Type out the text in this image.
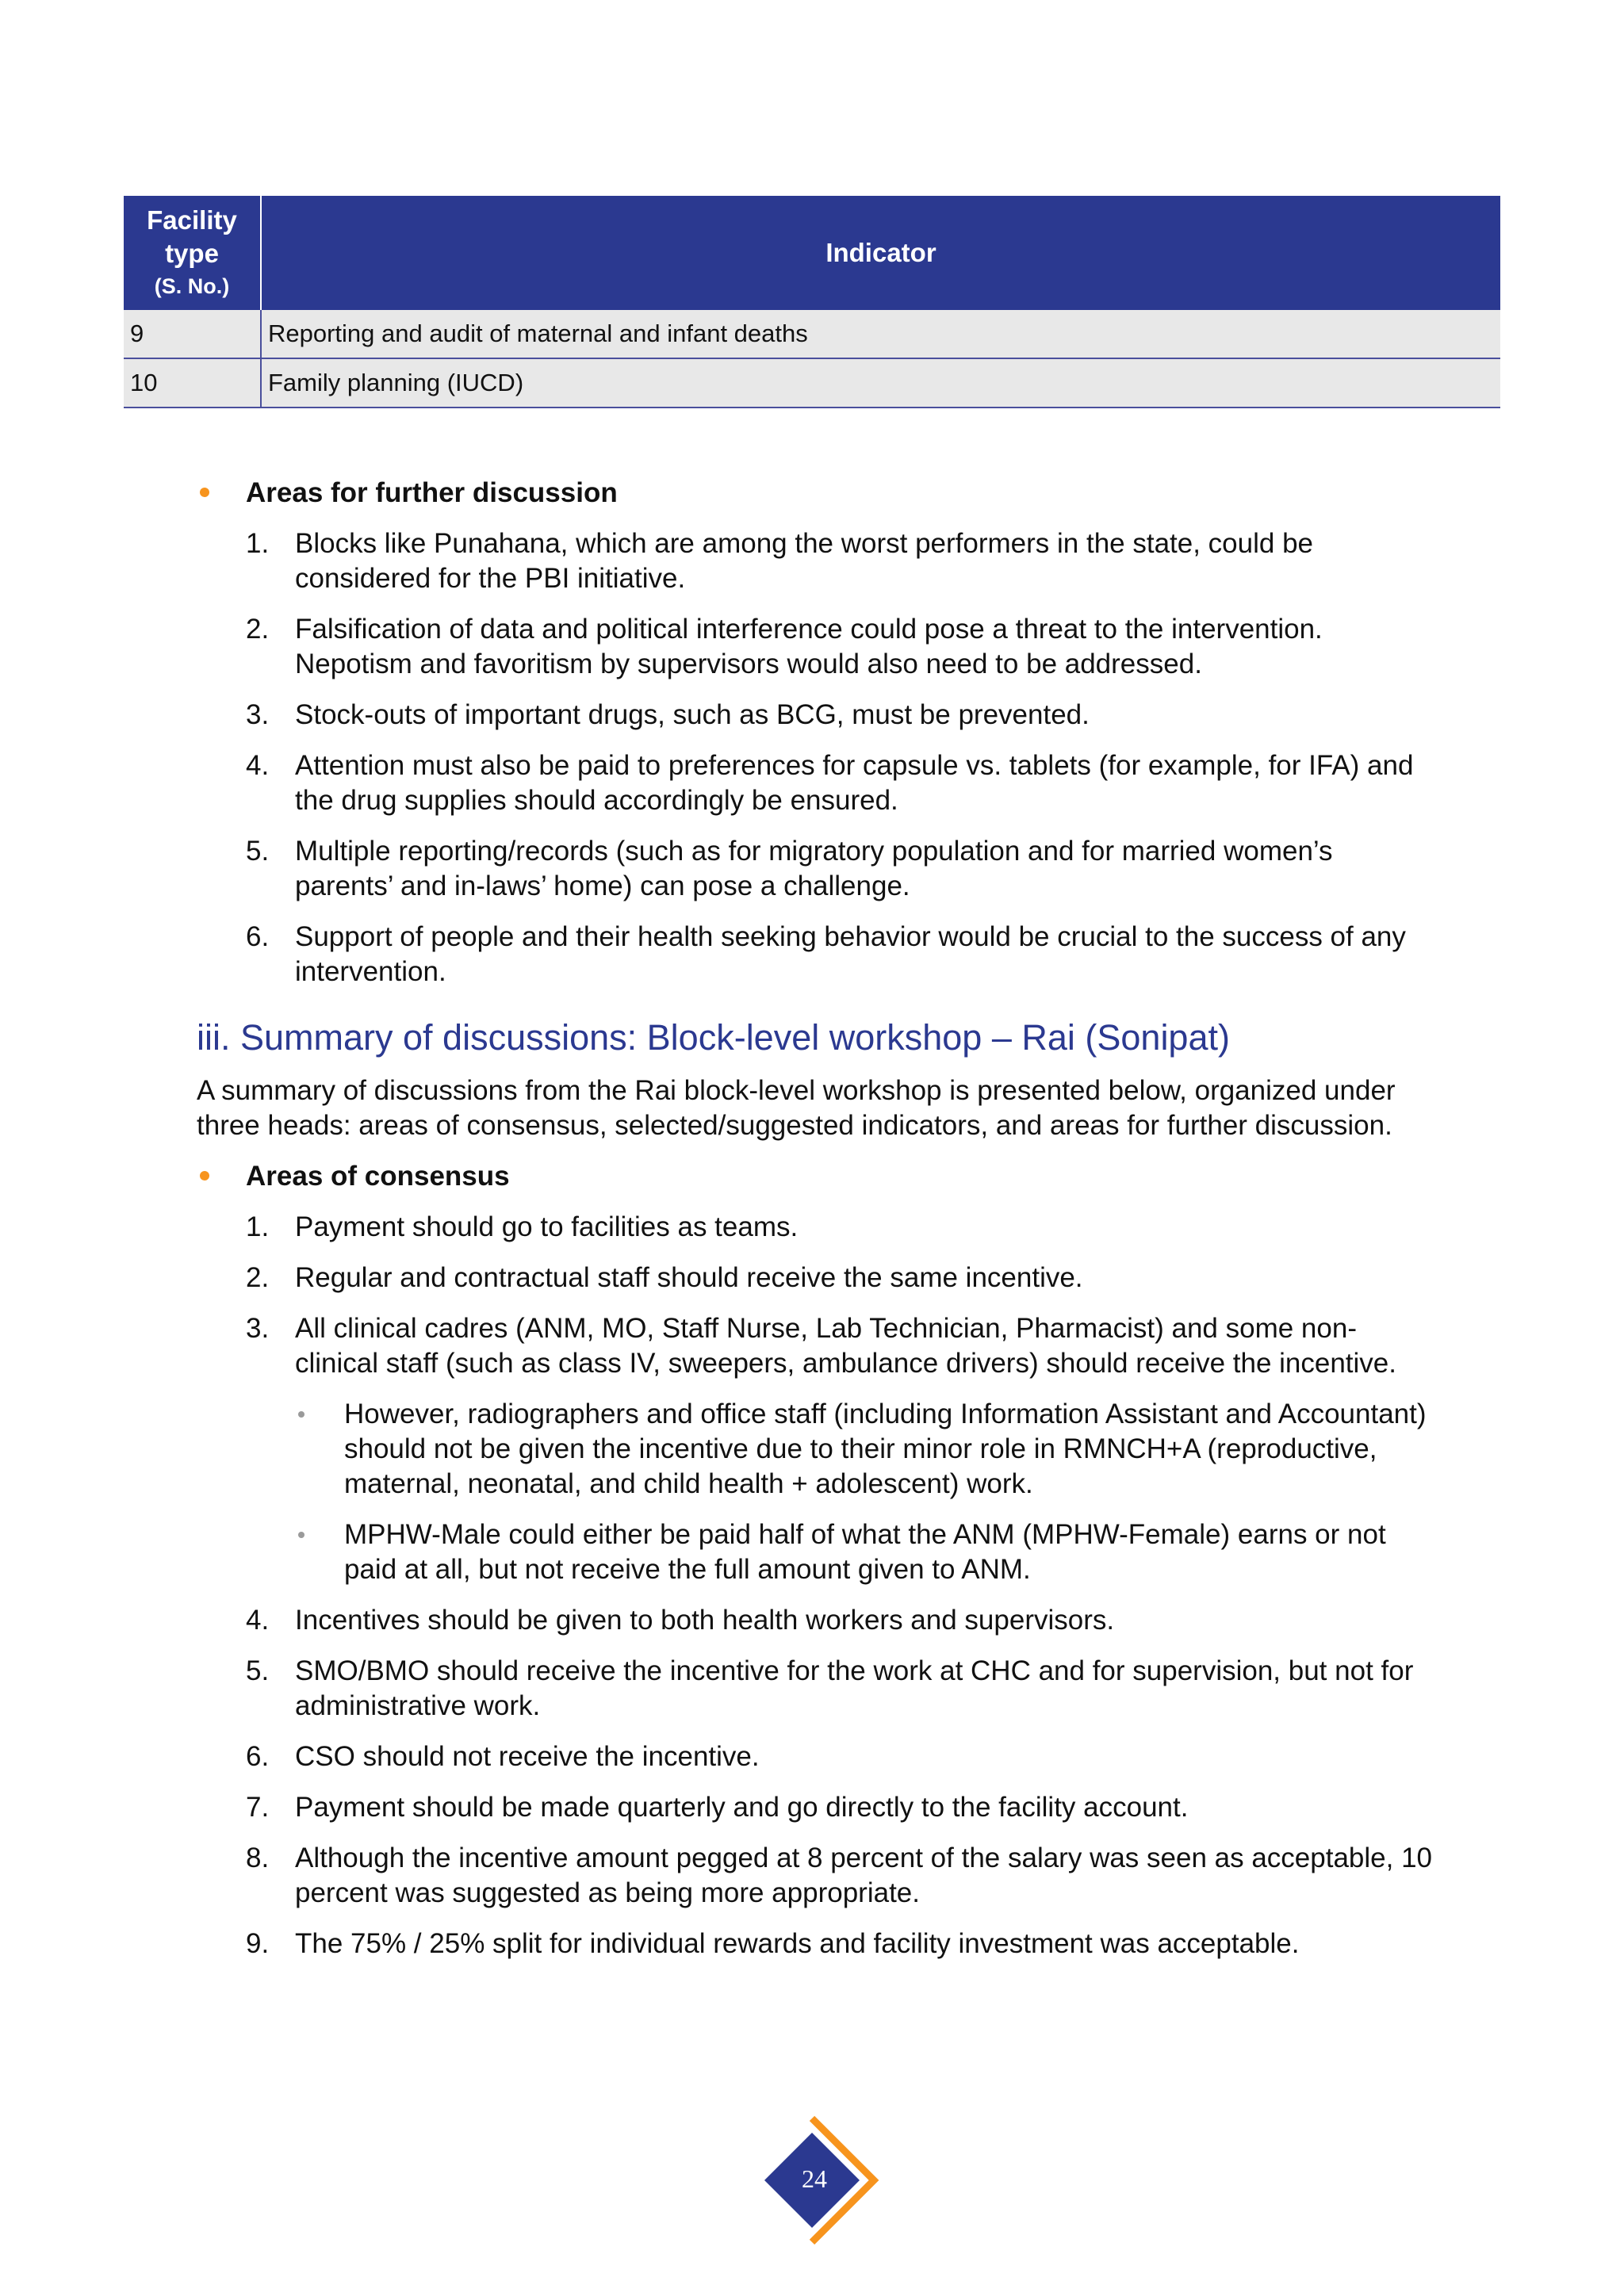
Facility
type
(S. No.)	Indicator
9	Reporting and audit of maternal and infant deaths
10	Family planning (IUCD)
Areas for further discussion
1. Blocks like Punahana, which are among the worst performers in the state, could be considered for the PBI initiative.
2. Falsification of data and political interference could pose a threat to the intervention. Nepotism and favoritism by supervisors would also need to be addressed.
3. Stock-outs of important drugs, such as BCG, must be prevented.
4. Attention must also be paid to preferences for capsule vs. tablets (for example, for IFA) and the drug supplies should accordingly be ensured.
5. Multiple reporting/records (such as for migratory population and for married women’s parents’ and in-laws’ home) can pose a challenge.
6. Support of people and their health seeking behavior would be crucial to the success of any intervention.
iii. Summary of discussions: Block-level workshop – Rai (Sonipat)

A summary of discussions from the Rai block-level workshop is presented below, organized under three heads: areas of consensus, selected/suggested indicators, and areas for further discussion.

Areas of consensus
1. Payment should go to facilities as teams.
2. Regular and contractual staff should receive the same incentive.
3. All clinical cadres (ANM, MO, Staff Nurse, Lab Technician, Pharmacist) and some non-clinical staff (such as class IV, sweepers, ambulance drivers) should receive the incentive.
However, radiographers and office staff (including Information Assistant and Accountant) should not be given the incentive due to their minor role in RMNCH+A (reproductive, maternal, neonatal, and child health + adolescent) work.
MPHW-Male could either be paid half of what the ANM (MPHW-Female) earns or not paid at all, but not receive the full amount given to ANM.
4. Incentives should be given to both health workers and supervisors.
5. SMO/BMO should receive the incentive for the work at CHC and for supervision, but not for administrative work.
6. CSO should not receive the incentive.
7. Payment should be made quarterly and go directly to the facility account.
8. Although the incentive amount pegged at 8 percent of the salary was seen as acceptable, 10 percent was suggested as being more appropriate.
9. The 75% / 25% split for individual rewards and facility investment was acceptable.
24
